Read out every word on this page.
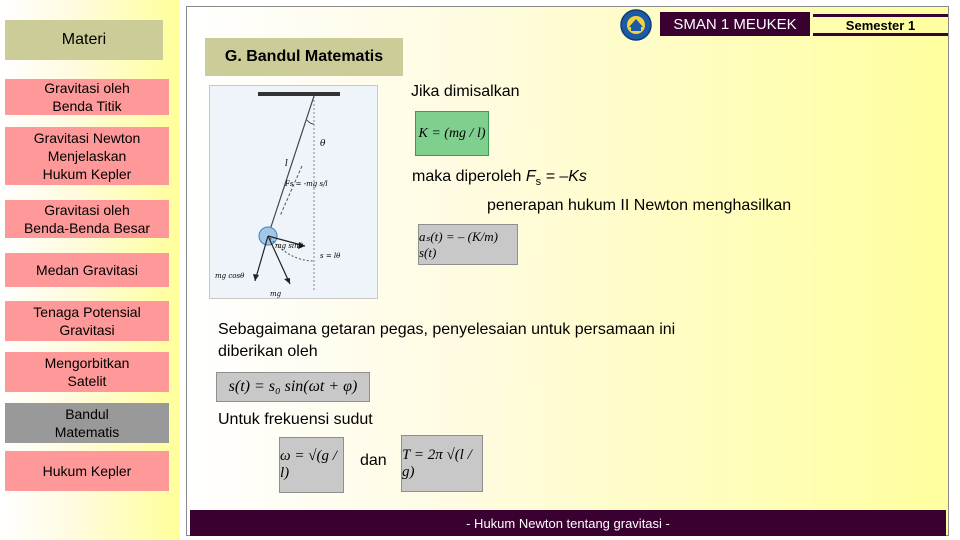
Materi
Gravitasi oleh
Benda Titik
Gravitasi Newton
Menjelaskan
Hukum Kepler
Gravitasi oleh
Benda-Benda Besar
Medan Gravitasi
Tenaga Potensial
Gravitasi
Mengorbitkan
Satelit
Bandul
Matematis
Hukum Kepler
SMAN 1 MEUKEK	Semester 1
G. Bandul Matematis
θ
l
Fs = -mg s/l
mg sinθ
s = lθ
mg cosθ
mg
Jika dimisalkan
K = (mg / l)
maka diperoleh $F_s = -Ks$
penerapan hukum II Newton menghasilkan
aₛ(t) = – (K/m) s(t)
Sebagaimana getaran pegas, penyelesaian untuk persamaan ini
diberikan oleh
s(t) = s₀ sin(ωt + φ)
Untuk frekuensi sudut
ω = √(g / l)
dan T = 2π √(l / g)
- Hukum Newton tentang gravitasi -
